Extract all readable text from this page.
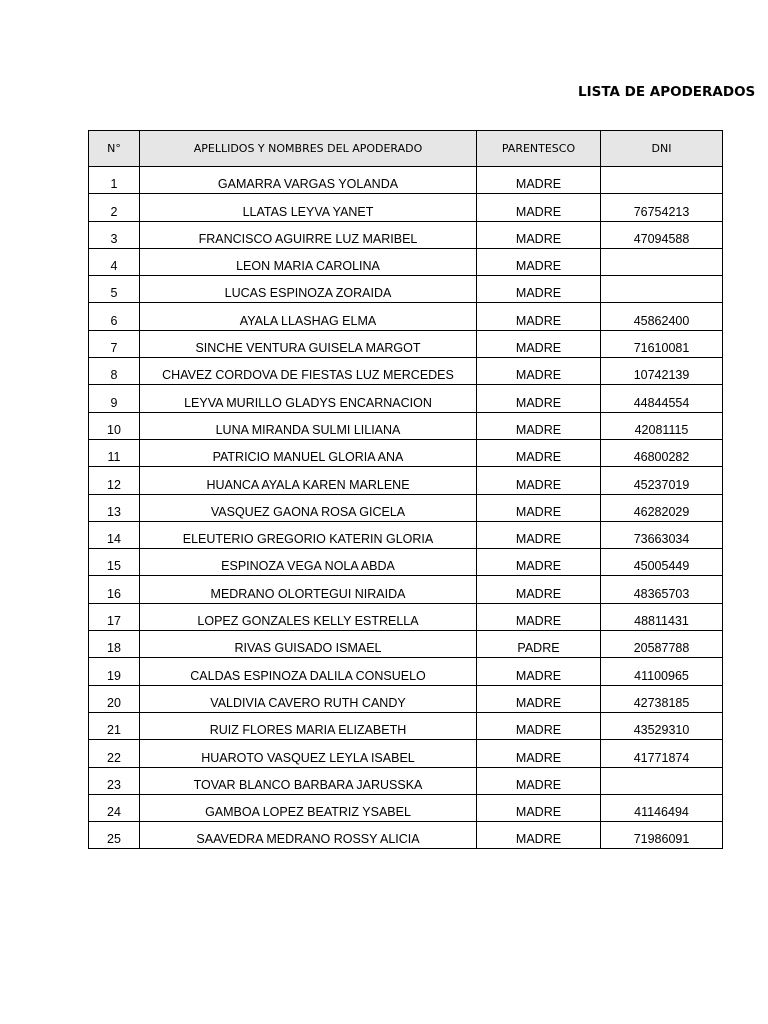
LISTA DE APODERADOS
N°	APELLIDOS Y NOMBRES DEL APODERADO	PARENTESCO	DNI
1	GAMARRA VARGAS YOLANDA	MADRE	
2	LLATAS LEYVA YANET	MADRE	76754213
3	FRANCISCO AGUIRRE LUZ MARIBEL	MADRE	47094588
4	LEON MARIA CAROLINA	MADRE	
5	LUCAS ESPINOZA ZORAIDA	MADRE	
6	AYALA LLASHAG ELMA	MADRE	45862400
7	SINCHE VENTURA GUISELA MARGOT	MADRE	71610081
8	CHAVEZ CORDOVA DE FIESTAS LUZ MERCEDES	MADRE	10742139
9	LEYVA MURILLO GLADYS ENCARNACION	MADRE	44844554
10	LUNA MIRANDA SULMI LILIANA	MADRE	42081115
11	PATRICIO MANUEL GLORIA ANA	MADRE	46800282
12	HUANCA AYALA KAREN MARLENE	MADRE	45237019
13	VASQUEZ GAONA ROSA GICELA	MADRE	46282029
14	ELEUTERIO GREGORIO KATERIN GLORIA	MADRE	73663034
15	ESPINOZA VEGA NOLA ABDA	MADRE	45005449
16	MEDRANO OLORTEGUI NIRAIDA	MADRE	48365703
17	LOPEZ GONZALES KELLY ESTRELLA	MADRE	48811431
18	RIVAS GUISADO ISMAEL	PADRE	20587788
19	CALDAS ESPINOZA DALILA CONSUELO	MADRE	41100965
20	VALDIVIA CAVERO RUTH CANDY	MADRE	42738185
21	RUIZ FLORES MARIA ELIZABETH	MADRE	43529310
22	HUAROTO VASQUEZ LEYLA ISABEL	MADRE	41771874
23	TOVAR BLANCO BARBARA JARUSSKA	MADRE	
24	GAMBOA LOPEZ BEATRIZ YSABEL	MADRE	41146494
25	SAAVEDRA MEDRANO ROSSY ALICIA	MADRE	71986091
